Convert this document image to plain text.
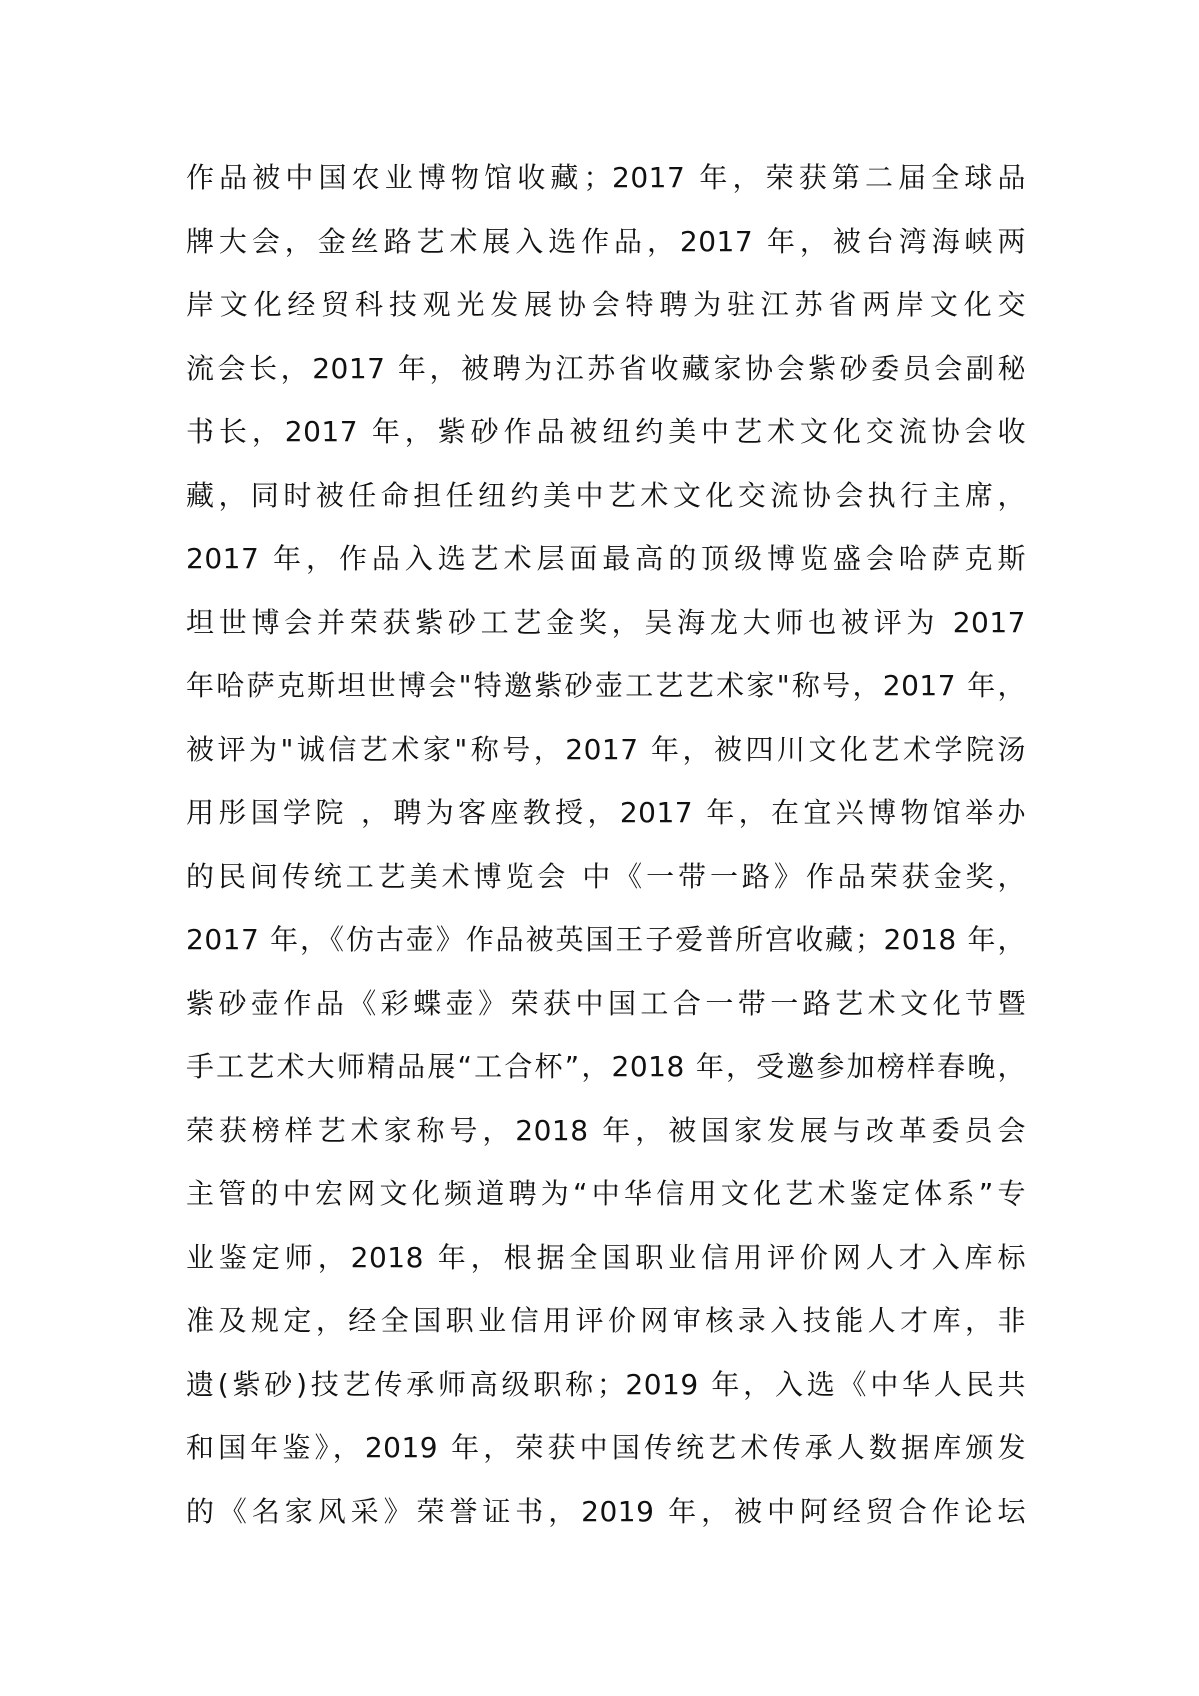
作品被中国农业博物馆收藏；2017 年，荣获第二届全球品
牌大会，金丝路艺术展入选作品，2017 年，被台湾海峡两
岸文化经贸科技观光发展协会特聘为驻江苏省两岸文化交
流会长，2017 年，被聘为江苏省收藏家协会紫砂委员会副秘
书长，2017 年，紫砂作品被纽约美中艺术文化交流协会收
藏，同时被任命担任纽约美中艺术文化交流协会执行主席，
2017 年，作品入选艺术层面最高的顶级博览盛会哈萨克斯
坦世博会并荣获紫砂工艺金奖，吴海龙大师也被评为 2017
年哈萨克斯坦世博会"特邀紫砂壶工艺艺术家"称号，2017 年，
被评为"诚信艺术家"称号，2017 年，被四川文化艺术学院汤
用彤国学院 ，聘为客座教授，2017 年，在宜兴博物馆举办
的民间传统工艺美术博览会 中《一带一路》作品荣获金奖，
2017 年，《仿古壶》作品被英国王子爱普所宫收藏；2018 年，
紫砂壶作品《彩蝶壶》荣获中国工合一带一路艺术文化节暨
手工艺术大师精品展“工合杯”，2018 年，受邀参加榜样春晚，
荣获榜样艺术家称号，2018 年，被国家发展与改革委员会
主管的中宏网文化频道聘为“中华信用文化艺术鉴定体系”专
业鉴定师，2018 年，根据全国职业信用评价网人才入库标
准及规定，经全国职业信用评价网审核录入技能人才库，非
遗(紫砂)技艺传承师高级职称；2019 年，入选《中华人民共
和国年鉴》，2019 年，荣获中国传统艺术传承人数据库颁发
的《名家风采》荣誉证书，2019 年，被中阿经贸合作论坛
